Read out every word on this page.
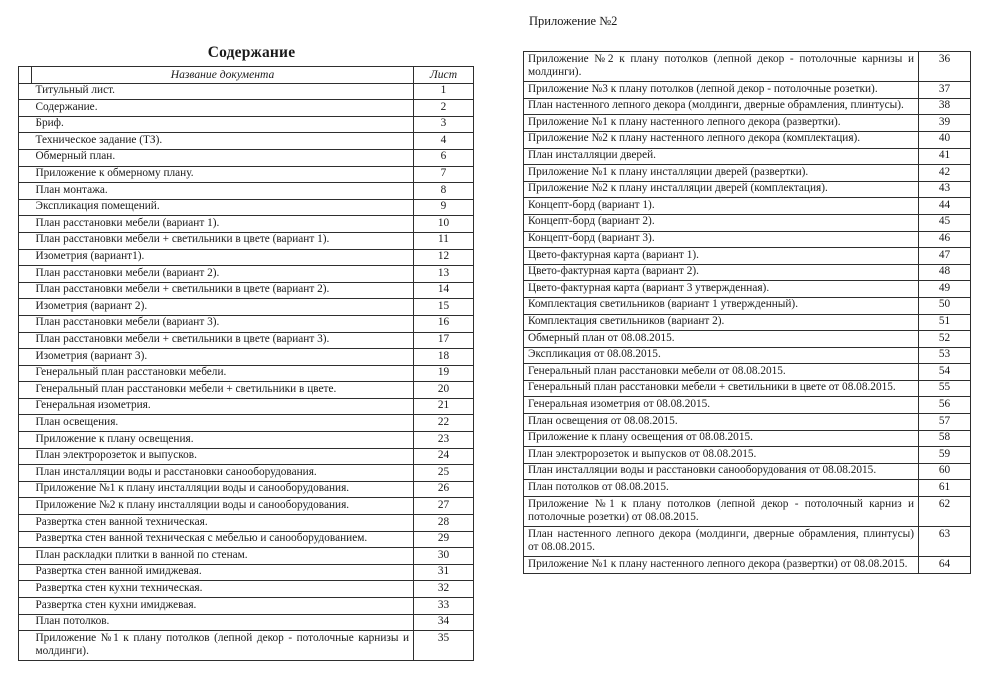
Содержание
	Название документа	Лист
	Титульный лист.	1
	Содержание.	2
	Бриф.	3
	Техническое задание (ТЗ).	4
	Обмерный план.	6
	Приложение к обмерному плану.	7
	План монтажа.	8
	Экспликация помещений.	9
	План расстановки мебели (вариант 1).	10
	План расстановки мебели + светильники в цвете (вариант 1).	11
	Изометрия (вариант1).	12
	План расстановки мебели (вариант 2).	13
	План расстановки мебели + светильники в цвете (вариант 2).	14
	Изометрия (вариант 2).	15
	План расстановки мебели (вариант 3).	16
	План расстановки мебели + светильники в цвете (вариант 3).	17
	Изометрия (вариант 3).	18
	Генеральный план расстановки мебели.	19
	Генеральный план расстановки мебели + светильники в цвете.	20
	Генеральная изометрия.	21
	План освещения.	22
	Приложение к плану освещения.	23
	План электророзеток и выпусков.	24
	План инсталляции воды и расстановки санооборудования.	25
	Приложение №1 к плану инсталляции воды и санооборудования.	26
	Приложение №2 к плану инсталляции воды и санооборудования.	27
	Развертка стен ванной техническая.	28
	Развертка стен ванной техническая с мебелью и санооборудованием.	29
	План раскладки плитки в ванной по стенам.	30
	Развертка стен ванной имиджевая.	31
	Развертка стен кухни техническая.	32
	Развертка стен кухни имиджевая.	33
	План потолков.	34
	Приложение №1 к плану потолков (лепной декор - потолочные карнизы и молдинги).	35
Приложение №2
Приложение №2 к плану потолков (лепной декор - потолочные карнизы и молдинги).	36
Приложение №3 к плану потолков (лепной декор - потолочные розетки).	37
План настенного лепного декора (молдинги, дверные обрамления, плинтусы).	38
Приложение №1 к плану настенного лепного декора (развертки).	39
Приложение №2 к плану настенного лепного декора (комплектация).	40
План инсталляции дверей.	41
Приложение №1 к плану инсталляции дверей (развертки).	42
Приложение №2 к плану инсталляции дверей (комплектация).	43
Концепт-борд (вариант 1).	44
Концепт-борд (вариант 2).	45
Концепт-борд (вариант 3).	46
Цвето-фактурная карта (вариант 1).	47
Цвето-фактурная карта (вариант 2).	48
Цвето-фактурная карта (вариант 3 утвержденная).	49
Комплектация светильников (вариант 1 утвержденный).	50
Комплектация светильников (вариант 2).	51
Обмерный план от 08.08.2015.	52
Экспликация от 08.08.2015.	53
Генеральный план расстановки мебели от 08.08.2015.	54
Генеральный план расстановки мебели + светильники в цвете от 08.08.2015.	55
Генеральная изометрия от 08.08.2015.	56
План освещения от 08.08.2015.	57
Приложение к плану освещения от 08.08.2015.	58
План электророзеток и выпусков от 08.08.2015.	59
План инсталляции воды и расстановки санооборудования от 08.08.2015.	60
План потолков от 08.08.2015.	61
Приложение №1 к плану потолков (лепной декор - потолочный карниз и потолочные розетки) от 08.08.2015.	62
План настенного лепного декора (молдинги, дверные обрамления, плинтусы) от 08.08.2015.	63
Приложение №1 к плану настенного лепного декора (развертки) от 08.08.2015.	64
